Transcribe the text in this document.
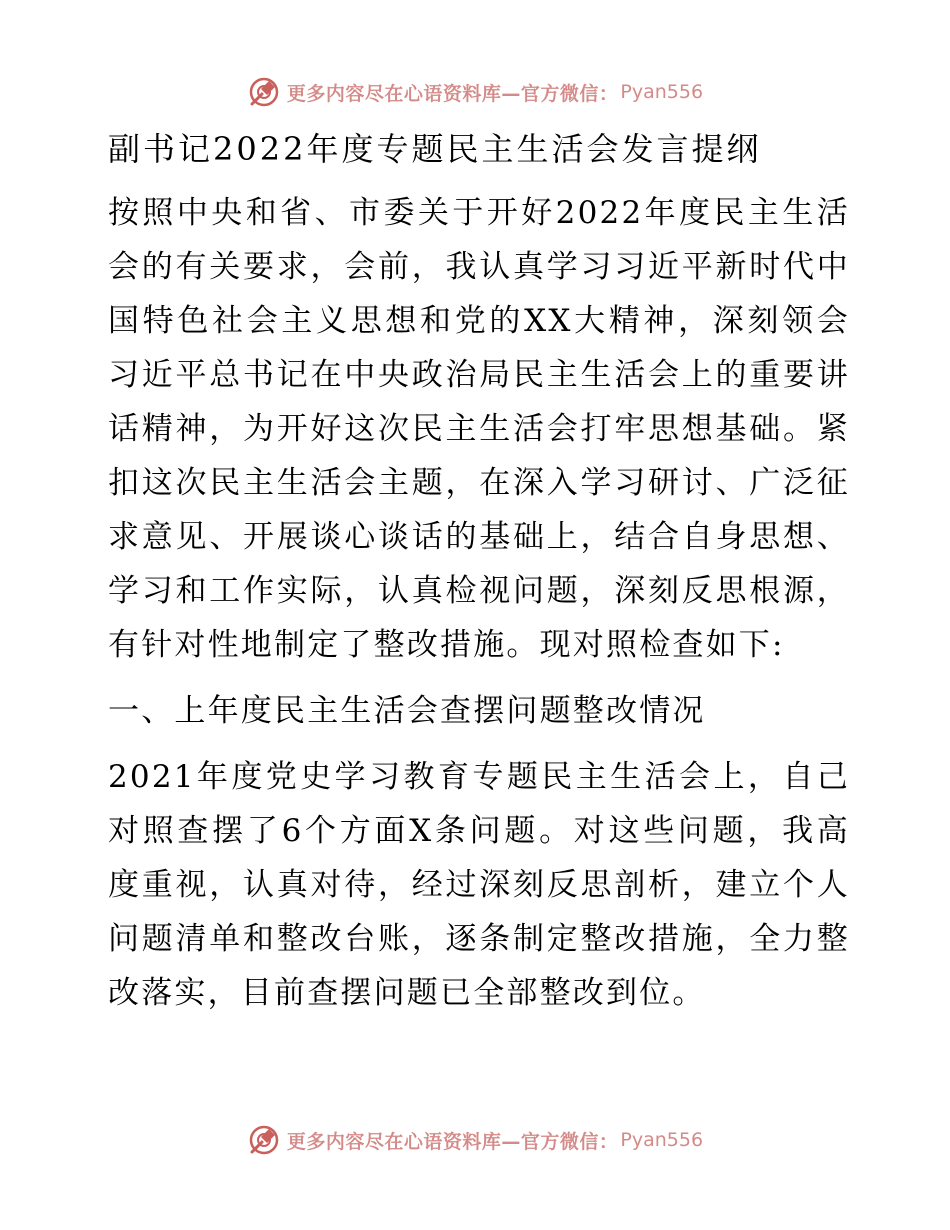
更多内容尽在心语资料库—官方微信： Pyan556
副书记2022年度专题民主生活会发言提纲

按照中央和省、市委关于开好2022年度民主生活会的有关要求，会前，我认真学习习近平新时代中国特色社会主义思想和党的XX大精神，深刻领会习近平总书记在中央政治局民主生活会上的重要讲话精神，为开好这次民主生活会打牢思想基础。紧扣这次民主生活会主题，在深入学习研讨、广泛征求意见、开展谈心谈话的基础上，结合自身思想、学习和工作实际，认真检视问题，深刻反思根源，有针对性地制定了整改措施。现对照检查如下:

一、上年度民主生活会查摆问题整改情况

2021年度党史学习教育专题民主生活会上，自己对照查摆了6个方面X条问题。对这些问题，我高度重视，认真对待，经过深刻反思剖析，建立个人问题清单和整改台账，逐条制定整改措施，全力整改落实，目前查摆问题已全部整改到位。

更多内容尽在心语资料库—官方微信： Pyan556
